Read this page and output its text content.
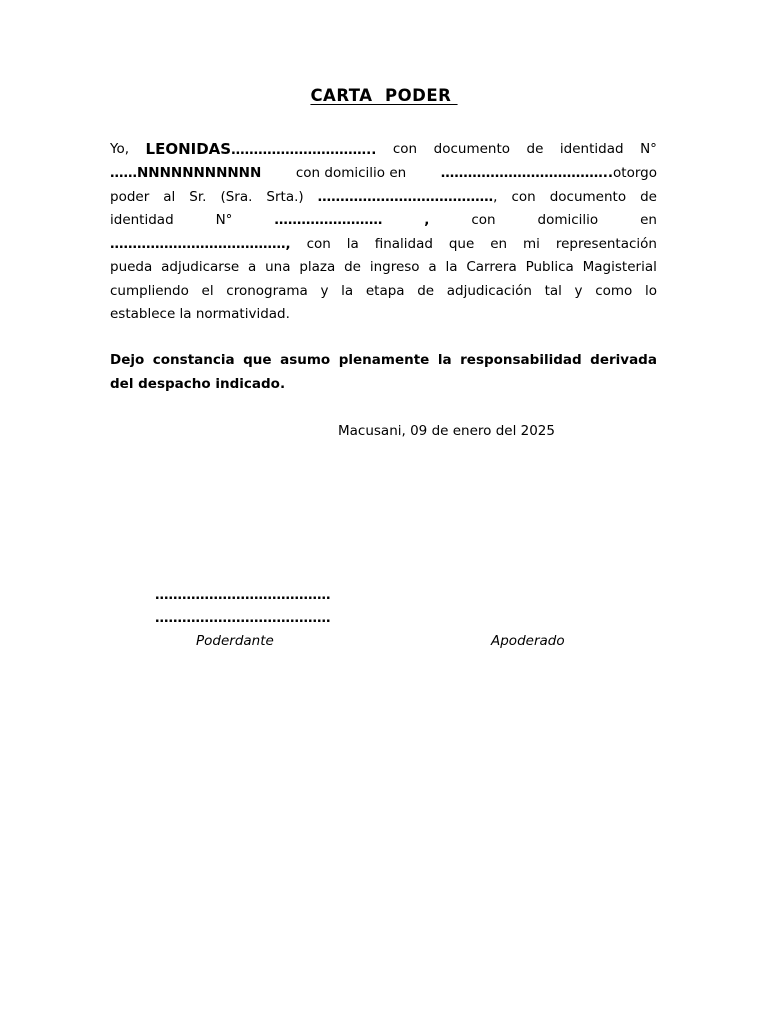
CARTA  PODER
Yo, LEONIDAS………………………….. con documento de identidad N°
……NNNNNNNNNNN	con domicilio en	………………………………..otorgo
poder al Sr. (Sra. Srta.) …………………………………, con documento de
identidad	N°	……………………	,	con	domicilio	en
…………………………………, con la finalidad que en mi representación
pueda adjudicarse a una plaza de ingreso a la Carrera Publica Magisterial
cumpliendo el cronograma y la etapa de adjudicación tal y como lo
establece la normatividad.
Dejo constancia que asumo plenamente la responsabilidad derivada
del despacho indicado.
Macusani, 09 de enero del 2025
…………………………………
…………………………………
Poderdante	Apoderado
